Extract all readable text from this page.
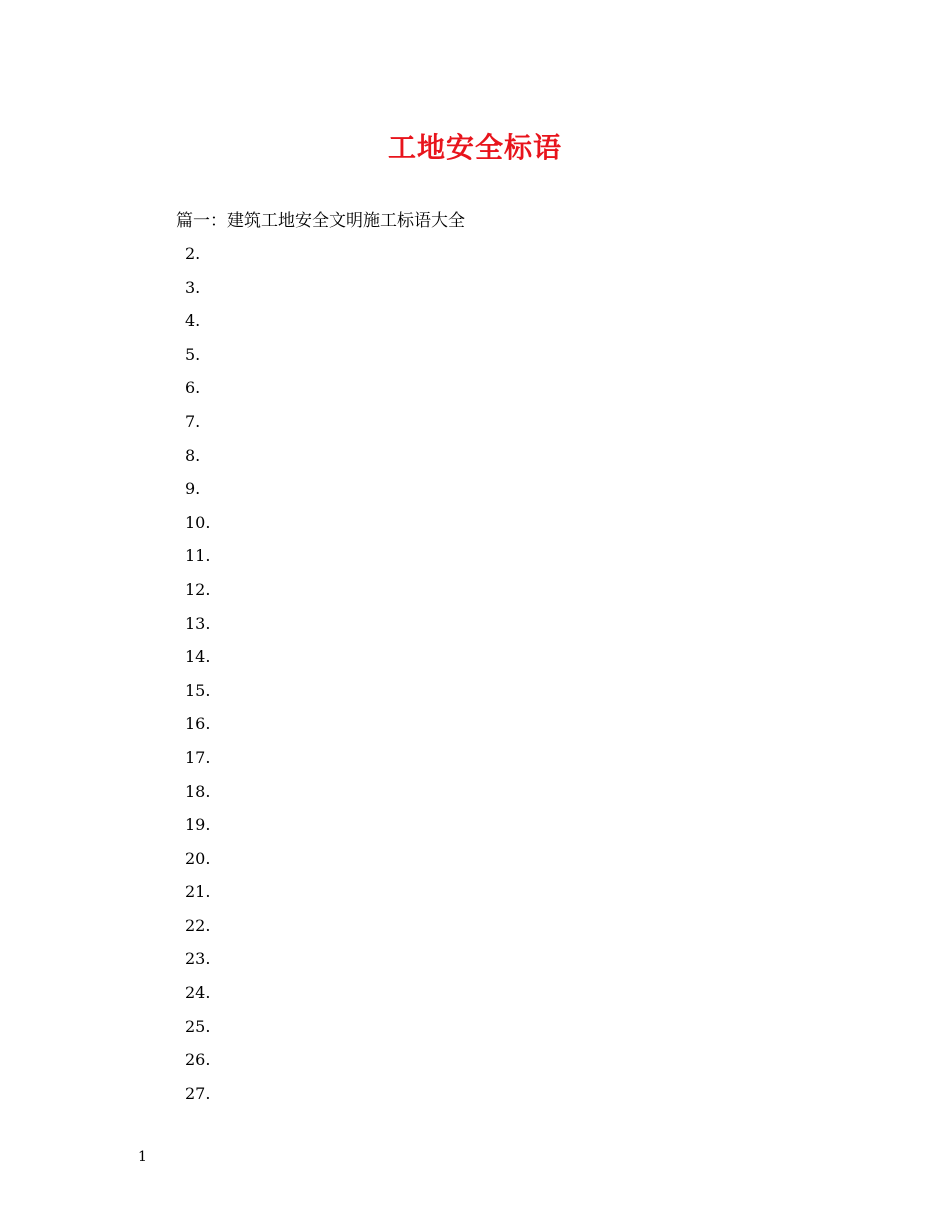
工地安全标语

篇一：建筑工地安全文明施工标语大全

2.
3.
4.
5.
6.
7.
8.
9.
10.
11.
12.
13.
14.
15.
16.
17.
18.
19.
20.
21.
22.
23.
24.
25.
26.
27.
1
